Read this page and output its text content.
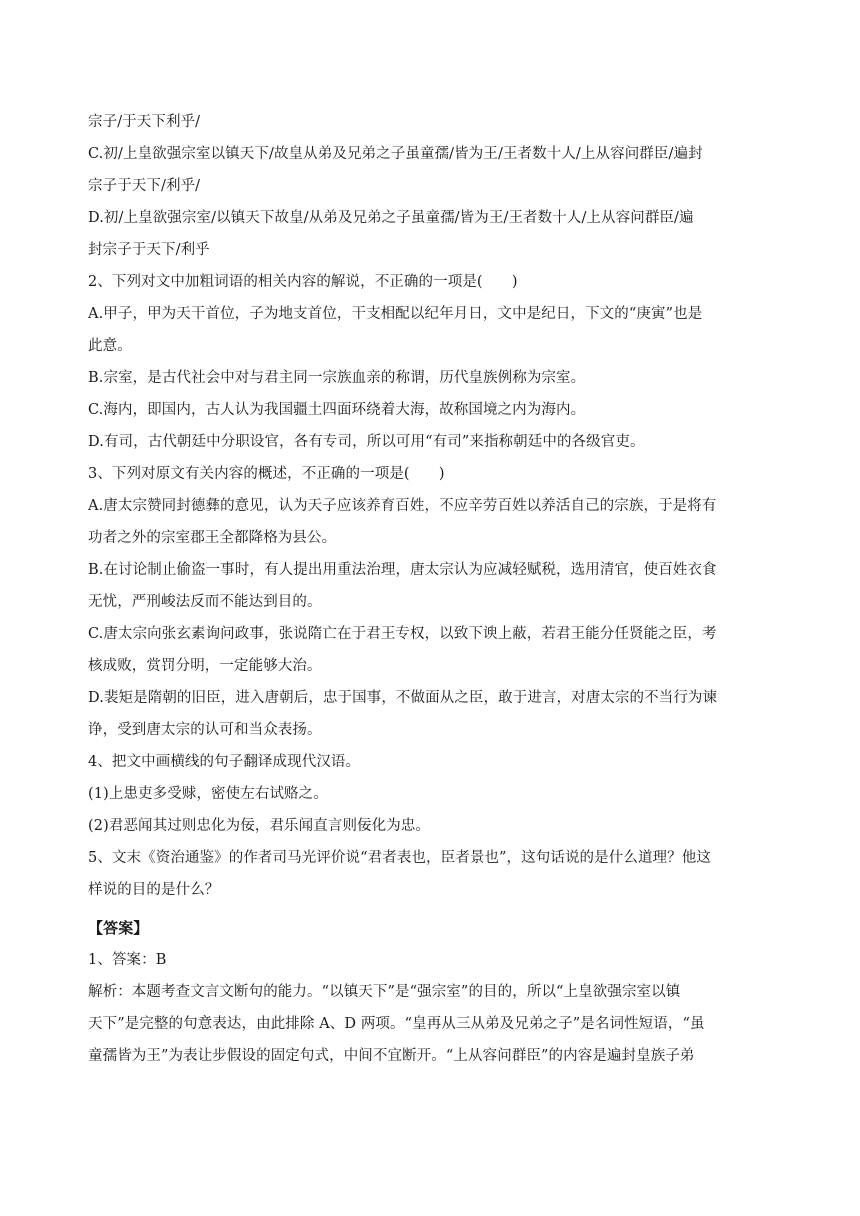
宗子/于天下利乎/
C.初/上皇欲强宗室以镇天下/故皇从弟及兄弟之子虽童孺/皆为王/王者数十人/上从容问群臣/遍封
宗子于天下/利乎/
D.初/上皇欲强宗室/以镇天下故皇/从弟及兄弟之子虽童孺/皆为王/王者数十人/上从容问群臣/遍
封宗子于天下/利乎
2、下列对文中加粗词语的相关内容的解说，不正确的一项是(　　)
A.甲子，甲为天干首位，子为地支首位，干支相配以纪年月日，文中是纪日，下文的“庚寅”也是
此意。
B.宗室，是古代社会中对与君主同一宗族血亲的称谓，历代皇族例称为宗室。
C.海内，即国内，古人认为我国疆土四面环绕着大海，故称国境之内为海内。
D.有司，古代朝廷中分职设官，各有专司，所以可用“有司”来指称朝廷中的各级官吏。
3、下列对原文有关内容的概述，不正确的一项是(　　)
A.唐太宗赞同封德彝的意见，认为天子应该养育百姓，不应辛劳百姓以养活自己的宗族，于是将有
功者之外的宗室郡王全都降格为县公。
B.在讨论制止偷盗一事时，有人提出用重法治理，唐太宗认为应减轻赋税，选用清官，使百姓衣食
无忧，严刑峻法反而不能达到目的。
C.唐太宗向张玄素询问政事，张说隋亡在于君王专权，以致下谀上蔽，若君王能分任贤能之臣，考
核成败，赏罚分明，一定能够大治。
D.裴矩是隋朝的旧臣，进入唐朝后，忠于国事，不做面从之臣，敢于进言，对唐太宗的不当行为谏
诤，受到唐太宗的认可和当众表扬。
4、把文中画横线的句子翻译成现代汉语。
(1)上患吏多受赇，密使左右试赂之。
(2)君恶闻其过则忠化为佞，君乐闻直言则佞化为忠。
5、文末《资治通鉴》的作者司马光评价说“君者表也，臣者景也”，这句话说的是什么道理？他这
样说的目的是什么？
【答案】
1、答案：B
解析：本题考查文言文断句的能力。“以镇天下”是“强宗室”的目的，所以“上皇欲强宗室以镇
天下”是完整的句意表达，由此排除 A、D 两项。“皇再从三从弟及兄弟之子”是名词性短语，“虽
童孺皆为王”为表让步假设的固定句式，中间不宜断开。“上从容问群臣”的内容是遍封皇族子弟
